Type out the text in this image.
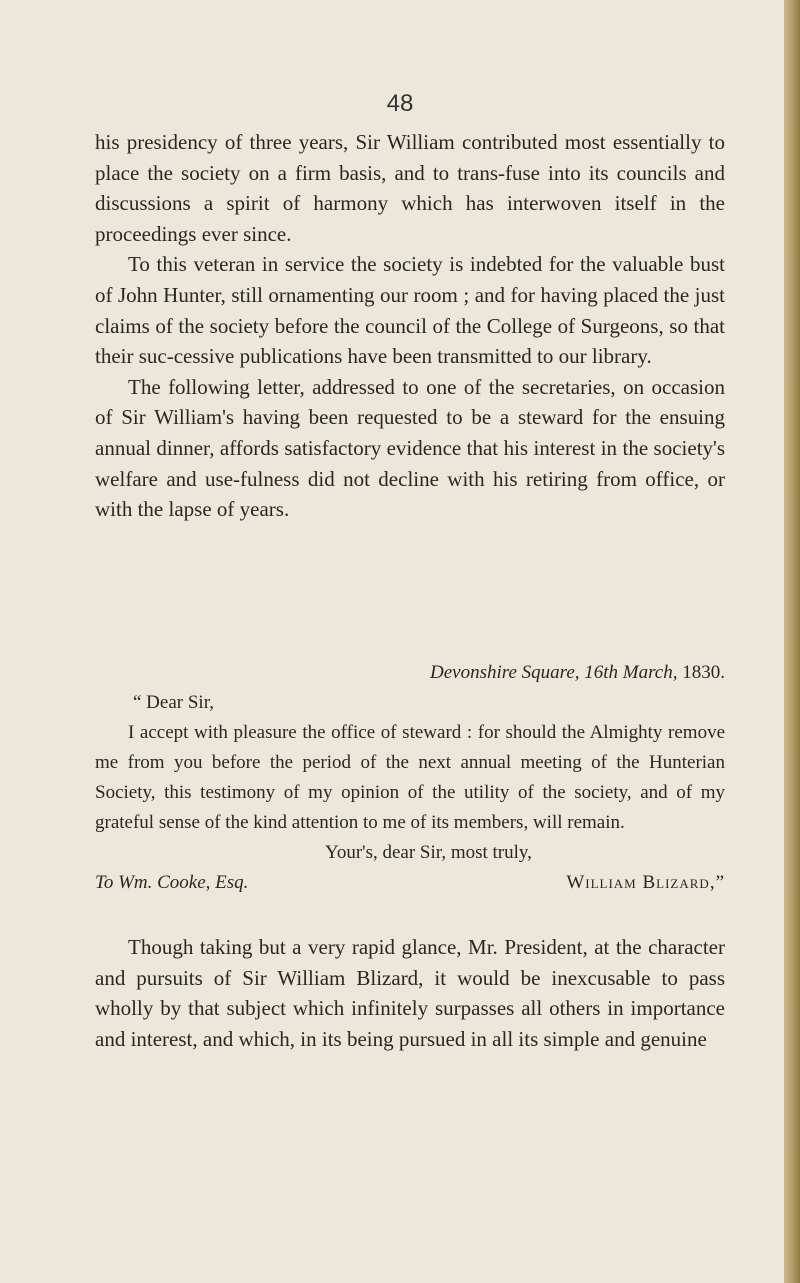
48

his presidency of three years, Sir William contributed most essentially to place the society on a firm basis, and to trans-fuse into its councils and discussions a spirit of harmony which has interwoven itself in the proceedings ever since.

To this veteran in service the society is indebted for the valuable bust of John Hunter, still ornamenting our room ; and for having placed the just claims of the society before the council of the College of Surgeons, so that their suc-cessive publications have been transmitted to our library.

The following letter, addressed to one of the secretaries, on occasion of Sir William's having been requested to be a steward for the ensuing annual dinner, affords satisfactory evidence that his interest in the society's welfare and use-fulness did not decline with his retiring from office, or with the lapse of years.

Devonshire Square, 16th March, 1830.

“ Dear Sir,

I accept with pleasure the office of steward : for should the Almighty remove me from you before the period of the next annual meeting of the Hunterian Society, this testimony of my opinion of the utility of the society, and of my grateful sense of the kind attention to me of its members, will remain.

Your's, dear Sir, most truly,

To Wm. Cooke, Esq.	William Blizard,”

Though taking but a very rapid glance, Mr. President, at the character and pursuits of Sir William Blizard, it would be inexcusable to pass wholly by that subject which infinitely surpasses all others in importance and interest, and which, in its being pursued in all its simple and genuine
